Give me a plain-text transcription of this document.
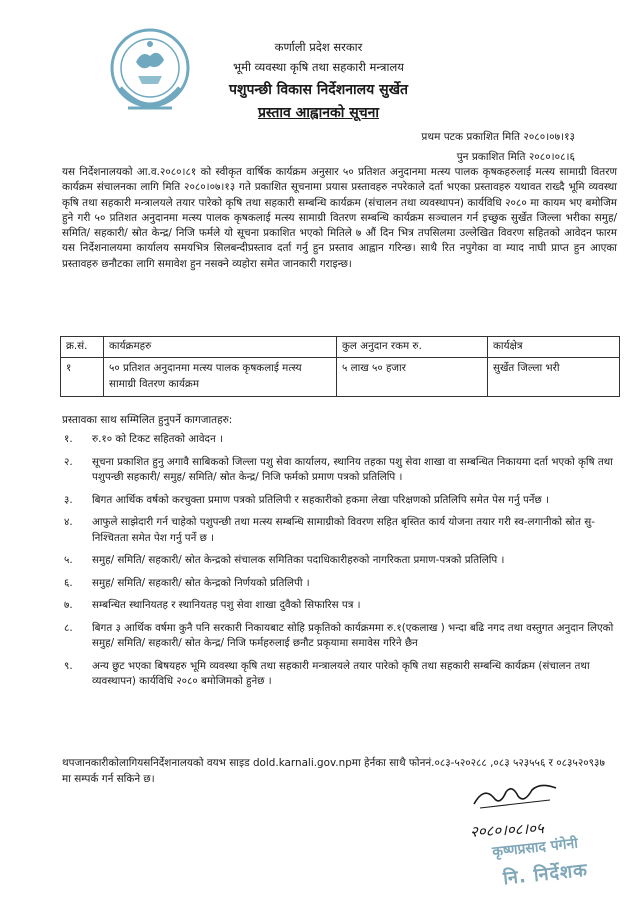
कर्णाली प्रदेश सरकार
भूमी व्यवस्था कृषि तथा सहकारी मन्त्रालय
पशुपन्छी विकास निर्देशनालय सुर्खेत
प्रस्ताव आह्वानको सूचना
प्रथम पटक प्रकाशित मिति २०८०।०७।१३
पुन प्रकाशित मिति २०८०।०८।६
यस निर्देशनालयको आ.व.२०८०।८१ को स्वीकृत वार्षिक कार्यक्रम अनुसार ५० प्रतिशत अनुदानमा मत्स्य पालक कृषकहरुलाई मत्स्य सामाग्री वितरण कार्यक्रम संचालनका लागि मिति २०८०।०७।१३ गते प्रकाशित सूचनामा प्रयास प्रस्तावहरु नपरेकाले दर्ता भएका प्रस्तावहरु यथावत राख्दै भूमि व्यवस्था कृषि तथा सहकारी मन्त्रालयले तयार पारेको कृषि तथा सहकारी सम्बन्धि कार्यक्रम (संचालन तथा व्यवस्थापन) कार्यविधि २०८० मा कायम भए बमोजिम हुने गरी ५० प्रतिशत अनुदानमा मत्स्य पालक कृषकलाई मत्स्य सामाग्री वितरण सम्बन्धि कार्यक्रम सञ्चालन गर्न इच्छुक सुर्खेत जिल्ला भरीका समुह/ समिति/ सहकारी/ स्रोत केन्द्र/ निजि फर्मले यो सूचना प्रकाशित भएको मितिले ७ औं दिन भित्र तपसिलमा उल्लेखित विवरण सहितको आवेदन फारम यस निर्देशनालयमा कार्यालय समयभित्र सिलबन्दीप्रस्ताव दर्ता गर्नु हुन प्रस्ताव आह्वान गरिन्छ। साथै रित नपुगेका वा म्याद नाघी प्राप्त हुन आएका प्रस्तावहरु छनौटका लागि समावेश हुन नसक्ने व्यहोरा समेत जानकारी गराइन्छ।
क्र.सं.	कार्यक्रमहरु	कुल अनुदान रकम रु.	कार्यक्षेत्र
१	५० प्रतिशत अनुदानमा मत्स्य पालक कृषकलाई मत्स्य सामाग्री वितरण कार्यक्रम	५ लाख ५० हजार	सुर्खेत जिल्ला भरी
प्रस्तावका साथ सम्मिलित हुनुपर्ने कागजातहरु:
१. रु.१० को टिकट सहितको आवेदन ।
२. सूचना प्रकाशित हुनु अगावै साबिकको जिल्ला पशु सेवा कार्यालय, स्थानिय तहका पशु सेवा शाखा वा सम्बन्धित निकायमा दर्ता भएको कृषि तथा पशुपन्छी सहकारी/ समुह/ समिति/ स्रोत केन्द्र/ निजि फर्मको प्रमाण पत्रको प्रतिलिपि ।
३. बिगत आर्थिक वर्षको करचुक्ता प्रमाण पत्रको प्रतिलिपी र सहकारीको हकमा लेखा परिक्षणको प्रतिलिपि समेत पेस गर्नु पर्नेछ ।
४. आफुले साझेदारी गर्न चाहेको पशुपन्छी तथा मत्स्य सम्बन्धि सामाग्रीको विवरण सहित बृस्तित कार्य योजना तयार गरी स्व-लगानीको स्रोत सु-निश्चितता समेत पेश गर्नु पर्ने छ ।
५. समुह/ समिति/ सहकारी/ स्रोत केन्द्रको संचालक समितिका पदाधिकारीहरुको नागरिकता प्रमाण-पत्रको प्रतिलिपि ।
६. समुह/ समिति/ सहकारी/ स्रोत केन्द्रको निर्णयको प्रतिलिपी ।
७. सम्बन्धित स्थानियतह र स्थानियतह पशु सेवा शाखा दुवैको सिफारिस पत्र ।
८. बिगत ३ आर्थिक वर्षमा कुनै पनि सरकारी निकायबाट सोहि प्रकृतिको कार्यक्रममा रु.१(एकलाख ) भन्दा बढि नगद तथा वस्तुगत अनुदान लिएको समुह/ समिति/ सहकारी/ स्रोत केन्द्र/ निजि फर्महरुलाई छनौट प्रकृयामा समावेस गरिने छैन
९. अन्य छुट भएका बिषयहरु भूमि व्यवस्था कृषि तथा सहकारी मन्त्रालयले तयार पारेको कृषि तथा सहकारी सम्बन्धि कार्यक्रम (संचालन तथा व्यवस्थापन) कार्यविधि २०८० बमोजिमको हुनेछ ।
थपजानकारीकोलागियसनिर्देशनालयको वयभ साइड dold.karnali.gov.npमा हेर्नका साथै फोननं.०८३-५२०२८८ ,०८३ ५२३५५६ र ०८३५२०९३७ मा सम्पर्क गर्न सकिने छ।
२०८०।०८।०५
कृष्णप्रसाद पंगेनी
नि. निर्देशक
